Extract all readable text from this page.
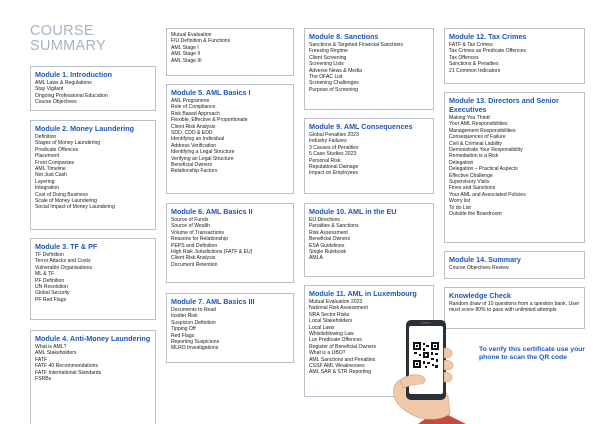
COURSE SUMMARY
Module 1. Introduction
AML Laws & Regulations
Stay Vigilant
Ongoing Professional Education
Course Objectives
Module 2. Money Laundering
Definition
Stages of Money Laundering
Predicate Offences
Placement
Front Companies
AML Timeline
Not Just Cash
Layering
Integration
Cost of Doing Business
Scale of Money Laundering
Social Impact of Money Laundering
Module 3. TF & PF
TF Definition
Terror Attacks and Costs
Vulnerable Organisations
ML & TF
PF Definition
UN Resolution
Global Security
PF Red Flags
Module 4. Anti-Money Laundering
What is AML?
AML Stakeholders
FATF
FATF 40 Recommendations
FATF International Standards
FSRBs
Mutual Evaluation
FIU Definition & Functions
AML Stage I
AML Stage II
AML Stage III
Module 5. AML Basics I
AML Programme
Role of Compliance
Risk Based Approach
Flexible, Effective & Proportionate
Client Risk Analysis
SDD, CDD & EDD
Identifying an Individual
Address Verification
Identifying a Legal Structure
Verifying an Legal Structure
Beneficial Owners
Relationship Factors
Module 6. AML Basics II
Source of Funds
Source of Wealth
Volume of Transactions
Reasons for Relationship
PEPS and Definition
High Risk Jurisdictions (FATF & EU)
Client Risk Analysis
Document Retention
Module 7. AML Basics III
Documents to Read
Insider Risk
Suspicion Definition
Tipping Off
Red Flags
Reporting Suspicions
MLRO Investigations
Module 8. Sanctions
Sanctions & Targeted Financial Sanctions
Freezing Regime
Client Screening
Screening Lists
Adverse News & Media
The OFAC List
Screening Challenges
Purpose of Screening
Module 9. AML Consequences
Global Penalties 2023
Industry Failures
3 Causes of Penalties
5 Case Studies 2023
Personal Risk
Reputational Damage
Impact on Employees
Module 10. AML in the EU
EU Directives
Penalties & Sanctions
Risk Assessment
Beneficial Owners
ESA Guidelines
Single Rulebook
AMLA
Module 11. AML in Luxembourg
Mutual Evaluation 2023
National Risk Assessment
NRA Sector Risks
Local Stakeholders
Local Laws
Whistleblowing Law
Lux Predicate Offences
Register of Beneficial Owners
What is a UBO?
AML Sanctions and Penalties
CSSF AML Weaknesses
AML SAR & STR Reporting
Module 12. Tax Crimes
FATF & Tax Crimes
Tax Crimes as Predicate Offences
Tax Offences
Sanctions & Penalties
21 Common Indicators
Module 13. Directors and Senior Executives
Making You Think!
Your AML Responsibilities
Management Responsibilities
Consequences of Failure
Civil & Criminal Liability
Demonstrate Your Responsibility
Remediation is a Risk
Delegation
Delegation – Practical Aspects
Effective Challenge
Supervisory Visits
Fines and Sanctions
Your AML and Associated Policies
Worry list
To do List
Outside the Boardroom
Module 14. Summary
Course Objectives Review
Knowledge Check

Random draw of 10 questions from a question bank. User must score 80% to pass with unlimited attempts

To verify this certificate use your phone to scan the QR code
